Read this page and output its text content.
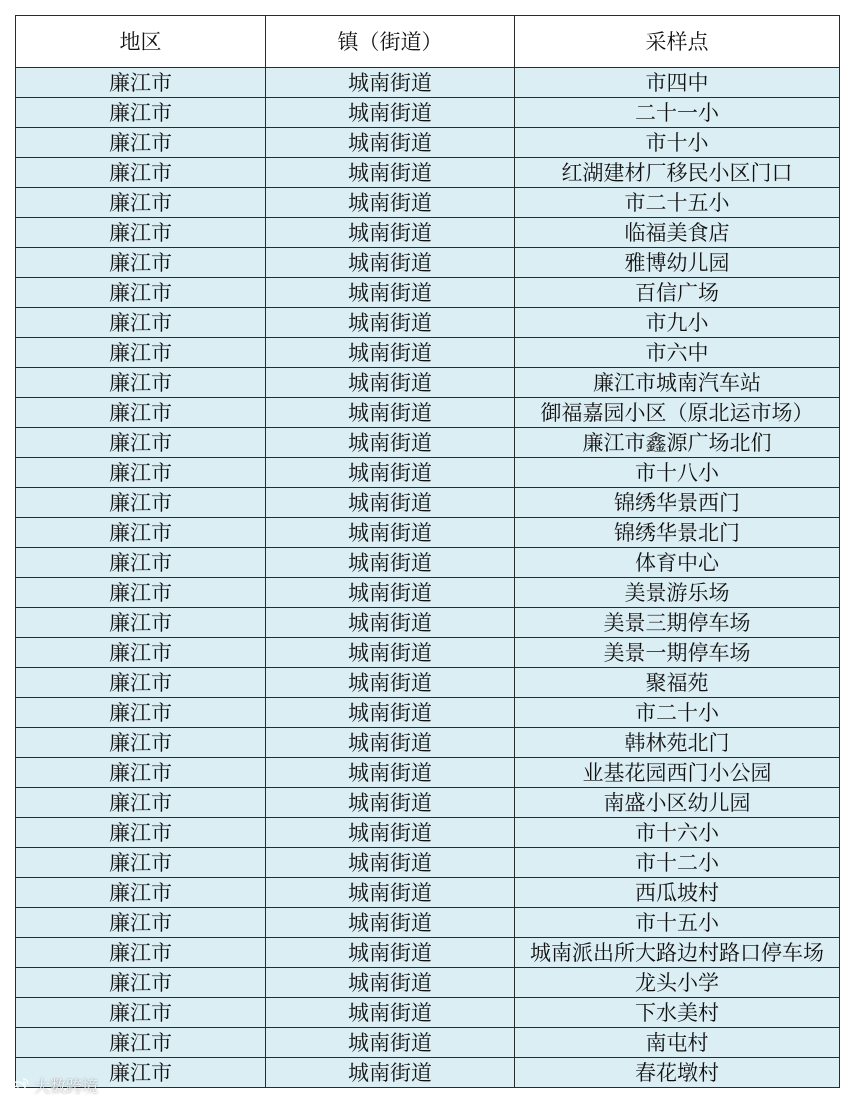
地区	镇（街道）	采样点
廉江市	城南街道	市四中
廉江市	城南街道	二十一小
廉江市	城南街道	市十小
廉江市	城南街道	红湖建材厂移民小区门口
廉江市	城南街道	市二十五小
廉江市	城南街道	临福美食店
廉江市	城南街道	雅博幼儿园
廉江市	城南街道	百信广场
廉江市	城南街道	市九小
廉江市	城南街道	市六中
廉江市	城南街道	廉江市城南汽车站
廉江市	城南街道	御福嘉园小区（原北运市场）
廉江市	城南街道	廉江市鑫源广场北们
廉江市	城南街道	市十八小
廉江市	城南街道	锦绣华景西门
廉江市	城南街道	锦绣华景北门
廉江市	城南街道	体育中心
廉江市	城南街道	美景游乐场
廉江市	城南街道	美景三期停车场
廉江市	城南街道	美景一期停车场
廉江市	城南街道	聚福苑
廉江市	城南街道	市二十小
廉江市	城南街道	韩林苑北门
廉江市	城南街道	业基花园西门小公园
廉江市	城南街道	南盛小区幼儿园
廉江市	城南街道	市十六小
廉江市	城南街道	市十二小
廉江市	城南街道	西瓜坡村
廉江市	城南街道	市十五小
廉江市	城南街道	城南派出所大路边村路口停车场
廉江市	城南街道	龙头小学
廉江市	城南街道	下水美村
廉江市	城南街道	南屯村
廉江市	城南街道	春花墩村
大数跨境
